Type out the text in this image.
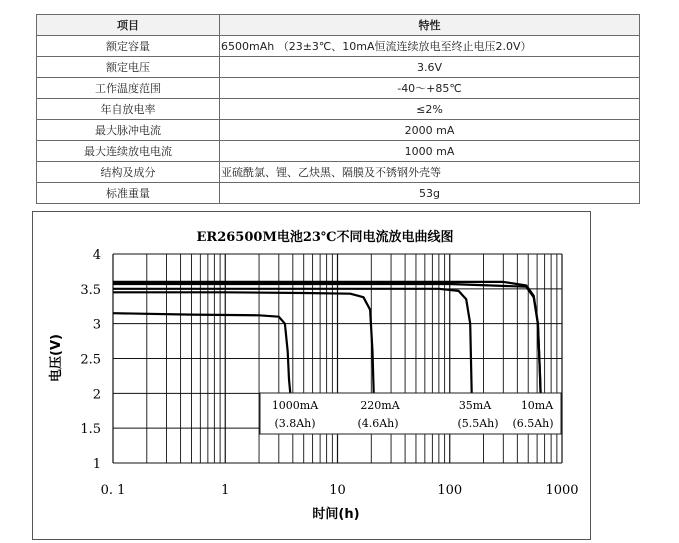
项目	特性
额定容量	6500mAh （23±3℃、10mA恒流连续放电至终止电压2.0V）
额定电压	3.6V
工作温度范围	-40～+85℃
年自放电率	≤2%
最大脉冲电流	2000 mA
最大连续放电电流	1000 mA
结构及成分	亚硫酰氯、锂、乙炔黑、隔膜及不锈钢外壳等
标准重量	53g
ER26500M电池23℃不同电流放电曲线图
1
1.5
2
2.5
3
3.5
4
0. 1	1	10	100	1000
1000mA
(3.8Ah)
220mA
(4.6Ah)
35mA
(5.5Ah)
10mA
(6.5Ah)
时间(h)
电压(V)
